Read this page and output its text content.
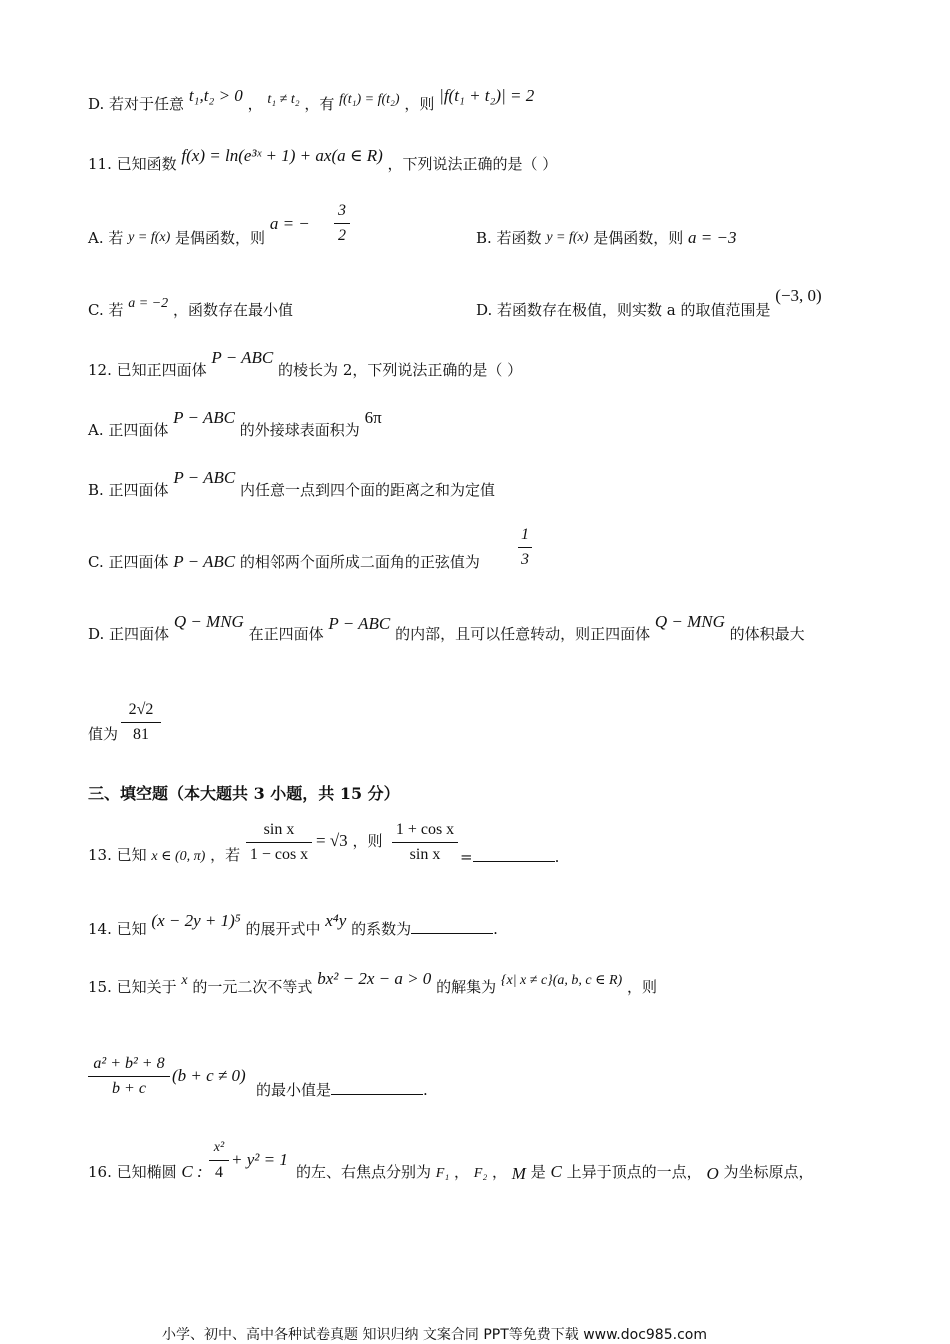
D. 若对于任意 t₁,t₂ > 0 ， t₁ ≠ t₂ ，有 f(t₁) = f(t₂) ，则 |f(t₁ + t₂)| = 2
11. 已知函数 f(x) = ln(e³ˣ + 1) + ax(a ∈ R) ，下列说法正确的是（ ）
A. 若 y = f(x) 是偶函数，则 a = −
3
2	B. 若函数 y = f(x) 是偶函数，则 a = −3
C. 若 a = −2 ，函数存在最小值	D. 若函数存在极值，则实数 a 的取值范围是 (−3, 0)
12. 已知正四面体 P − ABC 的棱长为 2，下列说法正确的是（ ）
A. 正四面体 P − ABC 的外接球表面积为 6π
B. 正四面体 P − ABC 内任意一点到四个面的距离之和为定值
C. 正四面体 P − ABC 的相邻两个面所成二面角的正弦值为
1
3
D. 正四面体 Q − MNG 在正四面体 P − ABC 的内部，且可以任意转动，则正四面体 Q − MNG 的体积最大
值为
2√2
81
三、填空题（本大题共 3 小题，共 15 分）
13. 已知 x ∈ (0, π) ，若
sin x
1 − cos x
= √3 ，则
1 + cos x
sin x	=	.
14. 已知 (x − 2y + 1)⁵ 的展开式中 x⁴y 的系数为	.
15. 已知关于 x 的一元二次不等式 bx² − 2x − a > 0 的解集为 {x| x ≠ c}(a, b, c ∈ R) ，则
a² + b² + 8
b + c
(b + c ≠ 0)
的最小值是	.
16. 已知椭圆 C :
x²
4
+ y² = 1
的左、右焦点分别为 F₁ ， F₂ ， M 是 C 上异于顶点的一点， O 为坐标原点，
小学、初中、高中各种试卷真题 知识归纳 文案合同 PPT等免费下载 www.doc985.com
